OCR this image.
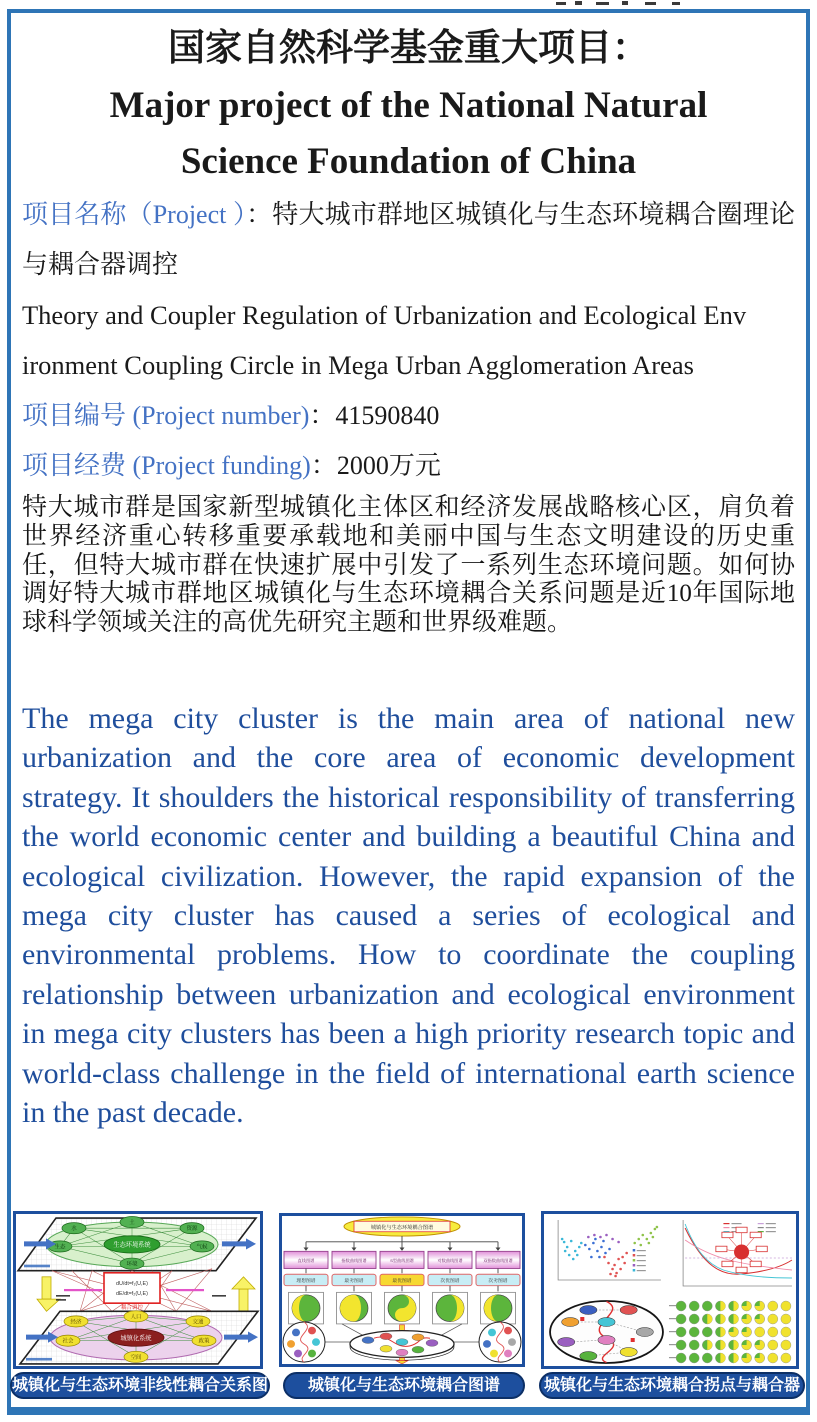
国家自然科学基金重大项目：
Major project of the National Natural
Science Foundation of China

项目名称（Project ）：特大城市群地区城镇化与生态环境耦合圈理论与耦合器调控

Theory and Coupler Regulation of Urbanization and Ecological Env
ironment Coupling Circle in Mega Urban Agglomeration Areas

项目编号 (Project number)：41590840

项目经费 (Project funding)：2000万元

特大城市群是国家新型城镇化主体区和经济发展战略核心区，肩负着世界经济重心转移重要承载地和美丽中国与生态文明建设的历史重任，但特大城市群在快速扩展中引发了一系列生态环境问题。如何协调好特大城市群地区城镇化与生态环境耦合关系问题是近10年国际地球科学领域关注的高优先研究主题和世界级难题。

The mega city cluster is the main area of national new urbanization and the core area of economic development strategy. It shoulders the historical responsibility of transferring the world economic center and building a beautiful China and ecological civilization. However, the rapid expansion of the mega city cluster has caused a series of ecological and environmental problems. How to coordinate the coupling relationship between urbanization and ecological environment in mega city clusters has been a high priority research topic and world-class challenge in the field of international earth science in the past decade.

生态环境系统
水
土
资源
生态	气候
环境
dU/dt=f₁(U,E)
dE/dt=f₂(U,E)
耦合调控
城镇化系统
人口
经济	交通
社会	政策
空间
城镇化与生态环境耦合图谱
直线图谱	指数曲线图谱	S型曲线图谱	对数曲线图谱	双指数曲线图谱
理想图谱	最劣图谱	最优图谱	次优图谱	次劣图谱
城镇化与生态环境非线性耦合关系图	城镇化与生态环境耦合图谱	城镇化与生态环境耦合拐点与耦合器
